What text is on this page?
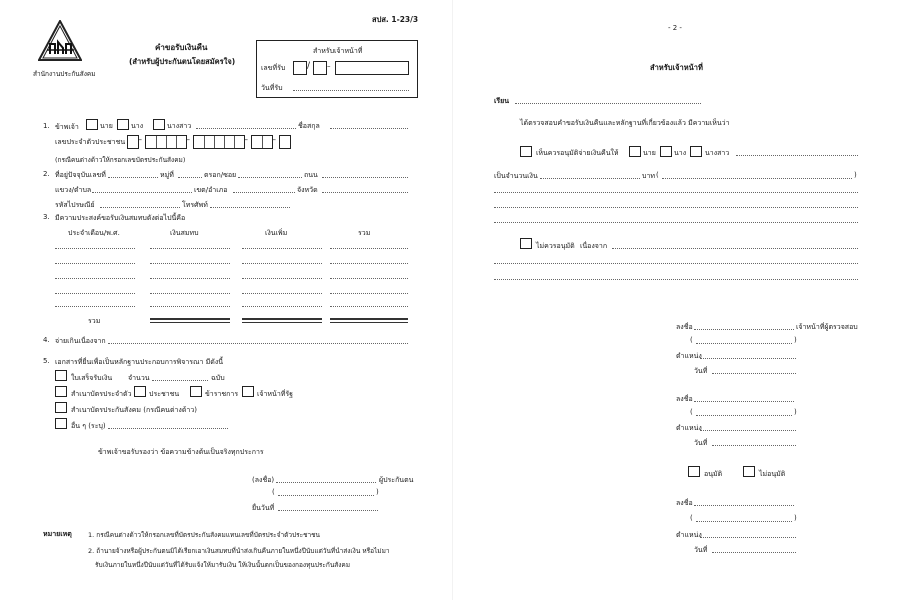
สำนักงานประกันสังคม
สปส. 1-23/3
คำขอรับเงินคืน
(สำหรับผู้ประกันตนโดยสมัครใจ)
สำหรับเจ้าหน้าที่
เลขที่รับ / –
วันที่รับ
1. ข้าพเจ้า	นาย	นาง	นางสาว	ชื่อสกุล
เลขประจำตัวประชาชน –	–	–	–
(กรณีคนต่างด้าวให้กรอกเลขบัตรประกันสังคม)
2. ที่อยู่ปัจจุบันเลขที่	หมู่ที่	ตรอก/ซอย	ถนน
แขวง/ตำบล	เขต/อำเภอ	จังหวัด
รหัสไปรษณีย์	โทรศัพท์
3. มีความประสงค์ขอรับเงินสมทบดังต่อไปนี้คือ
ประจำเดือน/พ.ศ.	เงินสมทบ	เงินเพิ่ม	รวม
รวม
4. จ่ายเกินเนื่องจาก
5. เอกสารที่ยื่นเพื่อเป็นหลักฐานประกอบการพิจารณา มีดังนี้
ใบเสร็จรับเงิน จำนวน	ฉบับ
สำเนาบัตรประจำตัว ประชาชน	ข้าราชการ	เจ้าหน้าที่รัฐ
สำเนาบัตรประกันสังคม (กรณีคนต่างด้าว)
อื่น ๆ (ระบุ)
ข้าพเจ้าขอรับรองว่า ข้อความข้างต้นเป็นจริงทุกประการ
(ลงชื่อ)	ผู้ประกันตน
(	)
ยื่นวันที่
หมายเหตุ 1. กรณีคนต่างด้าวให้กรอกเลขที่บัตรประกันสังคมแทนเลขที่บัตรประจำตัวประชาชน
2. ถ้านายจ้างหรือผู้ประกันตนมิได้เรียกเอาเงินสมทบที่นำส่งเกินคืนภายในหนึ่งปีนับแต่วันที่นำส่งเงิน หรือไม่มา
รับเงินภายในหนึ่งปีนับแต่วันที่ได้รับแจ้งให้มารับเงิน ให้เงินนั้นตกเป็นของกองทุนประกันสังคม
- 2 -
สำหรับเจ้าหน้าที่
เรียน
ได้ตรวจสอบคำขอรับเงินคืนและหลักฐานที่เกี่ยวข้องแล้ว มีความเห็นว่า
เห็นควรอนุมัติจ่ายเงินคืนให้	นาย	นาง	นางสาว
เป็นจำนวนเงิน	บาท (	)
ไม่ควรอนุมัติ เนื่องจาก
ลงชื่อ	เจ้าหน้าที่ผู้ตรวจสอบ
(	)
ตำแหน่ง
วันที่
ลงชื่อ
(	)
ตำแหน่ง
วันที่
อนุมัติ	ไม่อนุมัติ
ลงชื่อ
(	)
ตำแหน่ง
วันที่
